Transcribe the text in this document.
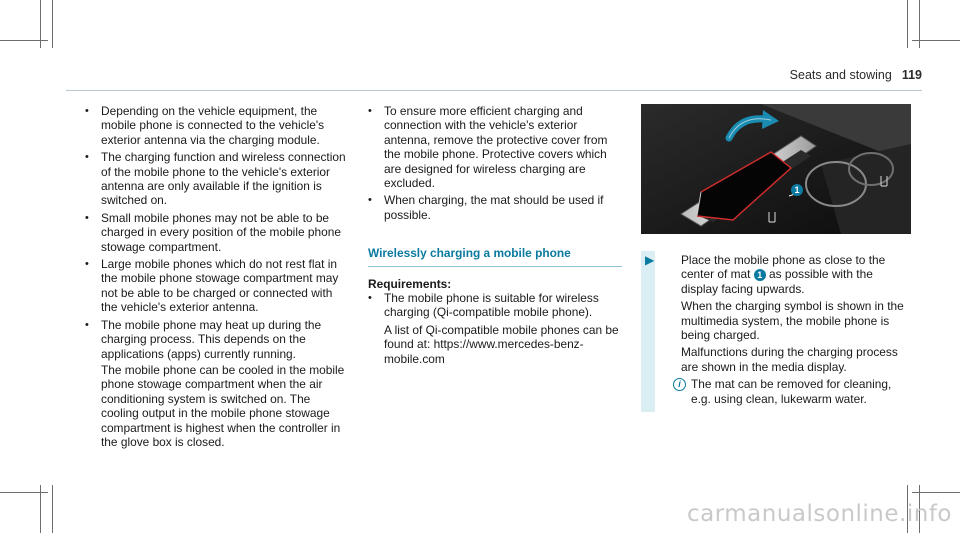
Seats and stowing 119
• Depending on the vehicle equipment, the mobile phone is connected to the vehicle's exterior antenna via the charging module.
• The charging function and wireless connection of the mobile phone to the vehicle's exterior antenna are only available if the ignition is switched on.
• Small mobile phones may not be able to be charged in every position of the mobile phone stowage compartment.
• Large mobile phones which do not rest flat in the mobile phone stowage compartment may not be able to be charged or connected with the vehicle's exterior antenna.
• The mobile phone may heat up during the charging process. This depends on the applications (apps) currently running.
The mobile phone can be cooled in the mobile phone stowage compartment when the air conditioning system is switched on. The cooling output in the mobile phone stowage compartment is highest when the controller in the glove box is closed.
• To ensure more efficient charging and connection with the vehicle's exterior antenna, remove the protective cover from the mobile phone. Protective covers which are designed for wireless charging are excluded.
• When charging, the mat should be used if possible.
Wirelessly charging a mobile phone
Requirements:
• The mobile phone is suitable for wireless charging (Qi-compatible mobile phone).
A list of Qi-compatible mobile phones can be found at: https://www.mercedes-benz-mobile.com
1
▶ Place the mobile phone as close to the center of mat 1 as possible with the display facing upwards.

When the charging symbol is shown in the multimedia system, the mobile phone is being charged.

Malfunctions during the charging process are shown in the media display.

i The mat can be removed for cleaning, e.g. using clean, lukewarm water.
carmanualsonline.info
